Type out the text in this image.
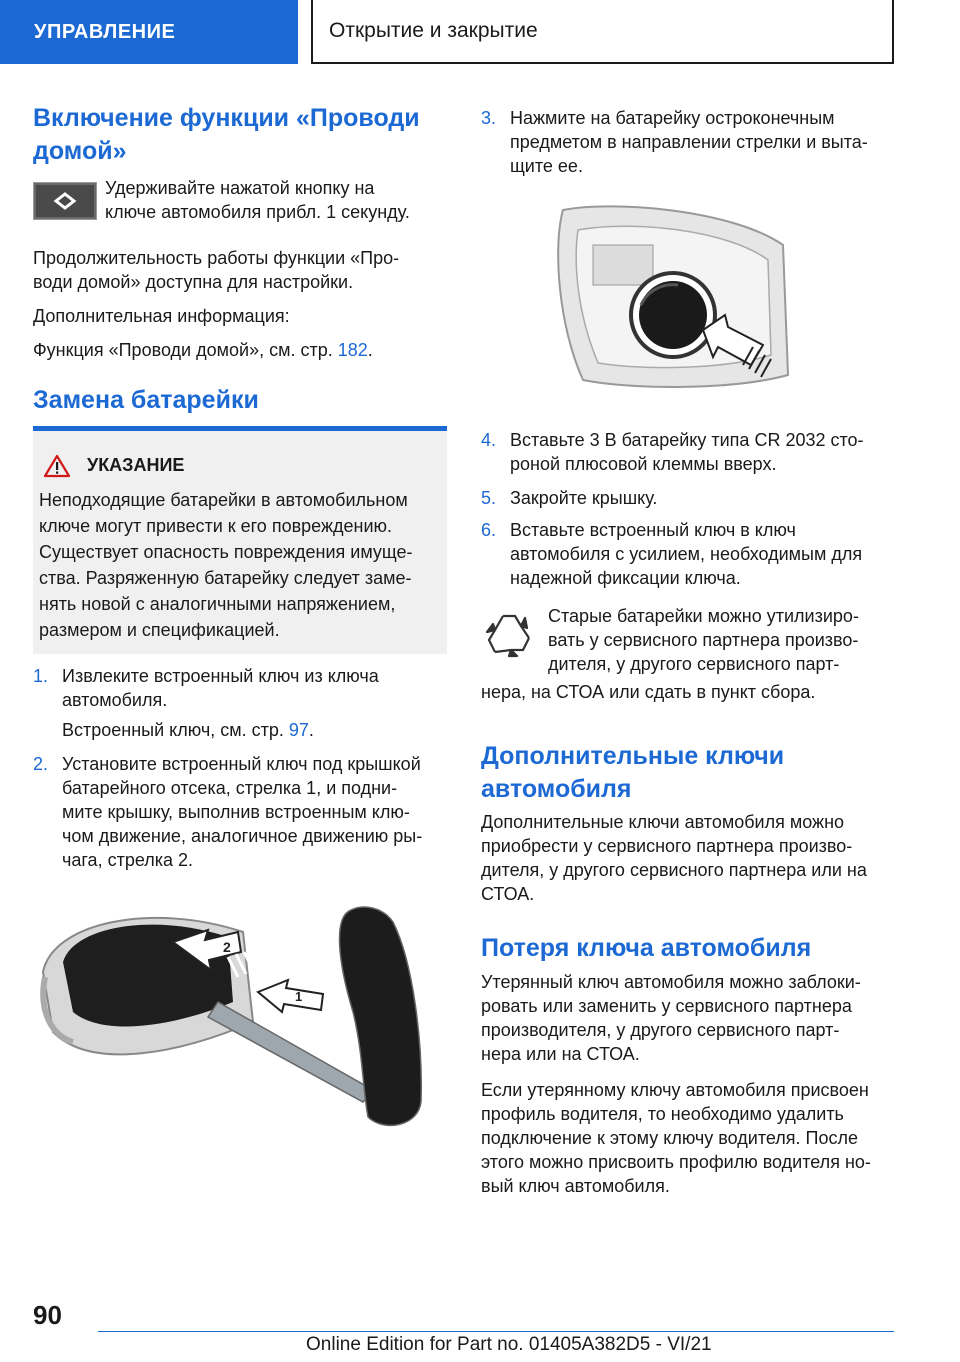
УПРАВЛЕНИЕ	Открытие и закрытие
Включение функции «Проводи
домой»
Удерживайте нажатой кнопку на
ключе автомобиля прибл. 1 секунду.
Продолжительность работы функции «Про-
води домой» доступна для настройки.
Дополнительная информация:
Функция «Проводи домой», см. стр. 182.
Замена батарейки
УКАЗАНИЕ
Неподходящие батарейки в автомобильном
ключе могут привести к его повреждению.
Существует опасность повреждения имуще-
ства. Разряженную батарейку следует заме-
нять новой с аналогичными напряжением,
размером и спецификацией.
1. Извлеките встроенный ключ из ключа
автомобиля.
Встроенный ключ, см. стр. 97.
2. Установите встроенный ключ под крышкой
батарейного отсека, стрелка 1, и подни-
мите крышку, выполнив встроенным клю-
чом движение, аналогичное движению ры-
чага, стрелка 2.
2
1
3. Нажмите на батарейку остроконечным
предметом в направлении стрелки и выта-
щите ее.
4. Вставьте 3 В батарейку типа CR 2032 сто-
роной плюсовой клеммы вверх.
5. Закройте крышку.
6. Вставьте встроенный ключ в ключ
автомобиля с усилием, необходимым для
надежной фиксации ключа.
Старые батарейки можно утилизиро-
вать у сервисного партнера произво-
дителя, у другого сервисного парт-
нера, на СТОА или сдать в пункт сбора.
Дополнительные ключи
автомобиля
Дополнительные ключи автомобиля можно
приобрести у сервисного партнера произво-
дителя, у другого сервисного партнера или на
СТОА.
Потеря ключа автомобиля
Утерянный ключ автомобиля можно заблоки-
ровать или заменить у сервисного партнера
производителя, у другого сервисного парт-
нера или на СТОА.
Если утерянному ключу автомобиля присвоен
профиль водителя, то необходимо удалить
подключение к этому ключу водителя. После
этого можно присвоить профилю водителя но-
вый ключ автомобиля.
90
Online Edition for Part no. 01405A382D5 - VI/21
